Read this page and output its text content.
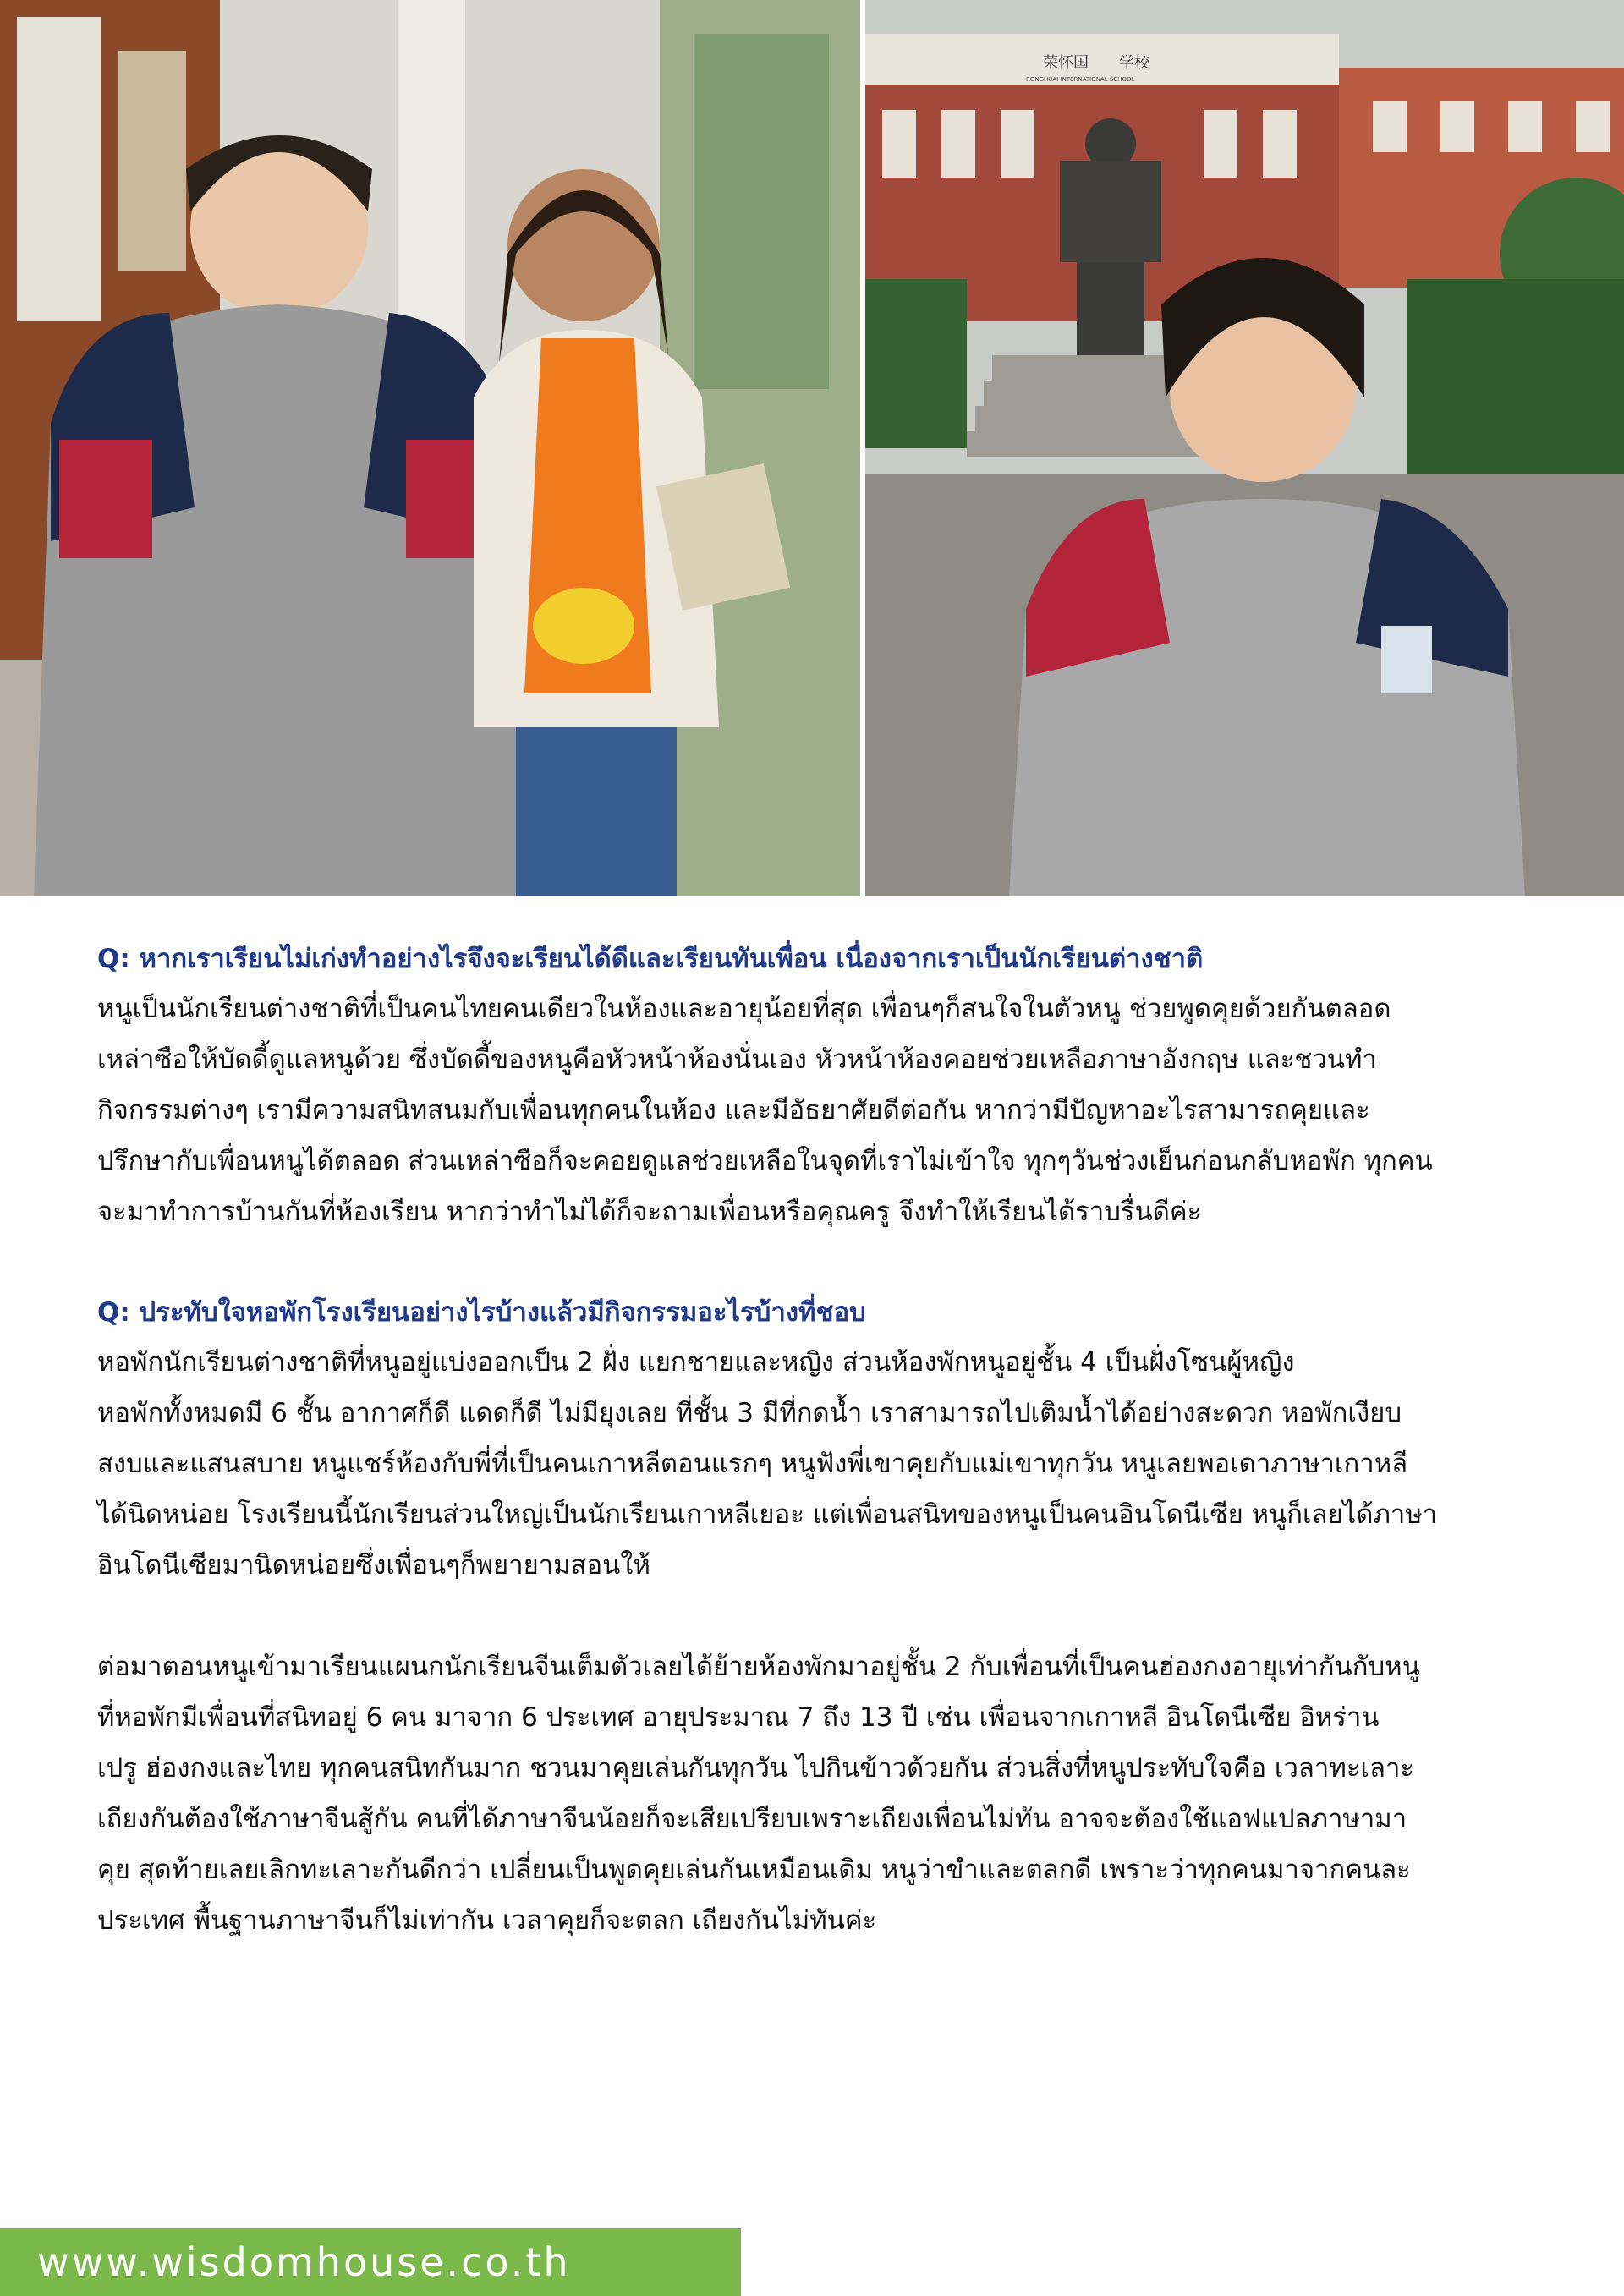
荣怀国 学校
RONGHUAI INTERNATIONAL SCHOOL
Q: หากเราเรียนไม่เก่งทำอย่างไรจึงจะเรียนได้ดีและเรียนทันเพื่อน เนื่องจากเราเป็นนักเรียนต่างชาติ
หนูเป็นนักเรียนต่างชาติที่เป็นคนไทยคนเดียวในห้องและอายุน้อยที่สุด เพื่อนๆก็สนใจในตัวหนู ช่วยพูดคุยด้วยกันตลอด
เหล่าซือให้บัดดี้ดูแลหนูด้วย ซึ่งบัดดี้ของหนูคือหัวหน้าห้องนั่นเอง หัวหน้าห้องคอยช่วยเหลือภาษาอังกฤษ และชวนทำ
กิจกรรมต่างๆ เรามีความสนิทสนมกับเพื่อนทุกคนในห้อง และมีอัธยาศัยดีต่อกัน หากว่ามีปัญหาอะไรสามารถคุยและ
ปรึกษากับเพื่อนหนูได้ตลอด ส่วนเหล่าซือก็จะคอยดูแลช่วยเหลือในจุดที่เราไม่เข้าใจ ทุกๆวันช่วงเย็นก่อนกลับหอพัก ทุกคน
จะมาทำการบ้านกันที่ห้องเรียน หากว่าทำไม่ได้ก็จะถามเพื่อนหรือคุณครู จึงทำให้เรียนได้ราบรื่นดีค่ะ
Q: ประทับใจหอพักโรงเรียนอย่างไรบ้างแล้วมีกิจกรรมอะไรบ้างที่ชอบ
หอพักนักเรียนต่างชาติที่หนูอยู่แบ่งออกเป็น 2 ฝั่ง แยกชายและหญิง ส่วนห้องพักหนูอยู่ชั้น 4 เป็นฝั่งโซนผู้หญิง
หอพักทั้งหมดมี 6 ชั้น อากาศก็ดี แดดก็ดี ไม่มียุงเลย ที่ชั้น 3 มีที่กดน้ำ เราสามารถไปเติมน้ำได้อย่างสะดวก หอพักเงียบ
สงบและแสนสบาย หนูแชร์ห้องกับพี่ที่เป็นคนเกาหลีตอนแรกๆ หนูฟังพี่เขาคุยกับแม่เขาทุกวัน หนูเลยพอเดาภาษาเกาหลี
ได้นิดหน่อย โรงเรียนนี้นักเรียนส่วนใหญ่เป็นนักเรียนเกาหลีเยอะ แต่เพื่อนสนิทของหนูเป็นคนอินโดนีเซีย หนูก็เลยได้ภาษา
อินโดนีเซียมานิดหน่อยซึ่งเพื่อนๆก็พยายามสอนให้
ต่อมาตอนหนูเข้ามาเรียนแผนกนักเรียนจีนเต็มตัวเลยได้ย้ายห้องพักมาอยู่ชั้น 2 กับเพื่อนที่เป็นคนฮ่องกงอายุเท่ากันกับหนู
ที่หอพักมีเพื่อนที่สนิทอยู่ 6 คน มาจาก 6 ประเทศ อายุประมาณ 7 ถึง 13 ปี เช่น เพื่อนจากเกาหลี อินโดนีเซีย อิหร่าน
เปรู ฮ่องกงและไทย ทุกคนสนิทกันมาก ชวนมาคุยเล่นกันทุกวัน ไปกินข้าวด้วยกัน ส่วนสิ่งที่หนูประทับใจคือ เวลาทะเลาะ
เถียงกันต้องใช้ภาษาจีนสู้กัน คนที่ได้ภาษาจีนน้อยก็จะเสียเปรียบเพราะเถียงเพื่อนไม่ทัน อาจจะต้องใช้แอฟแปลภาษามา
คุย สุดท้ายเลยเลิกทะเลาะกันดีกว่า เปลี่ยนเป็นพูดคุยเล่นกันเหมือนเดิม หนูว่าขำและตลกดี เพราะว่าทุกคนมาจากคนละ
ประเทศ พื้นฐานภาษาจีนก็ไม่เท่ากัน เวลาคุยก็จะตลก เถียงกันไม่ทันค่ะ
www.wisdomhouse.co.th
